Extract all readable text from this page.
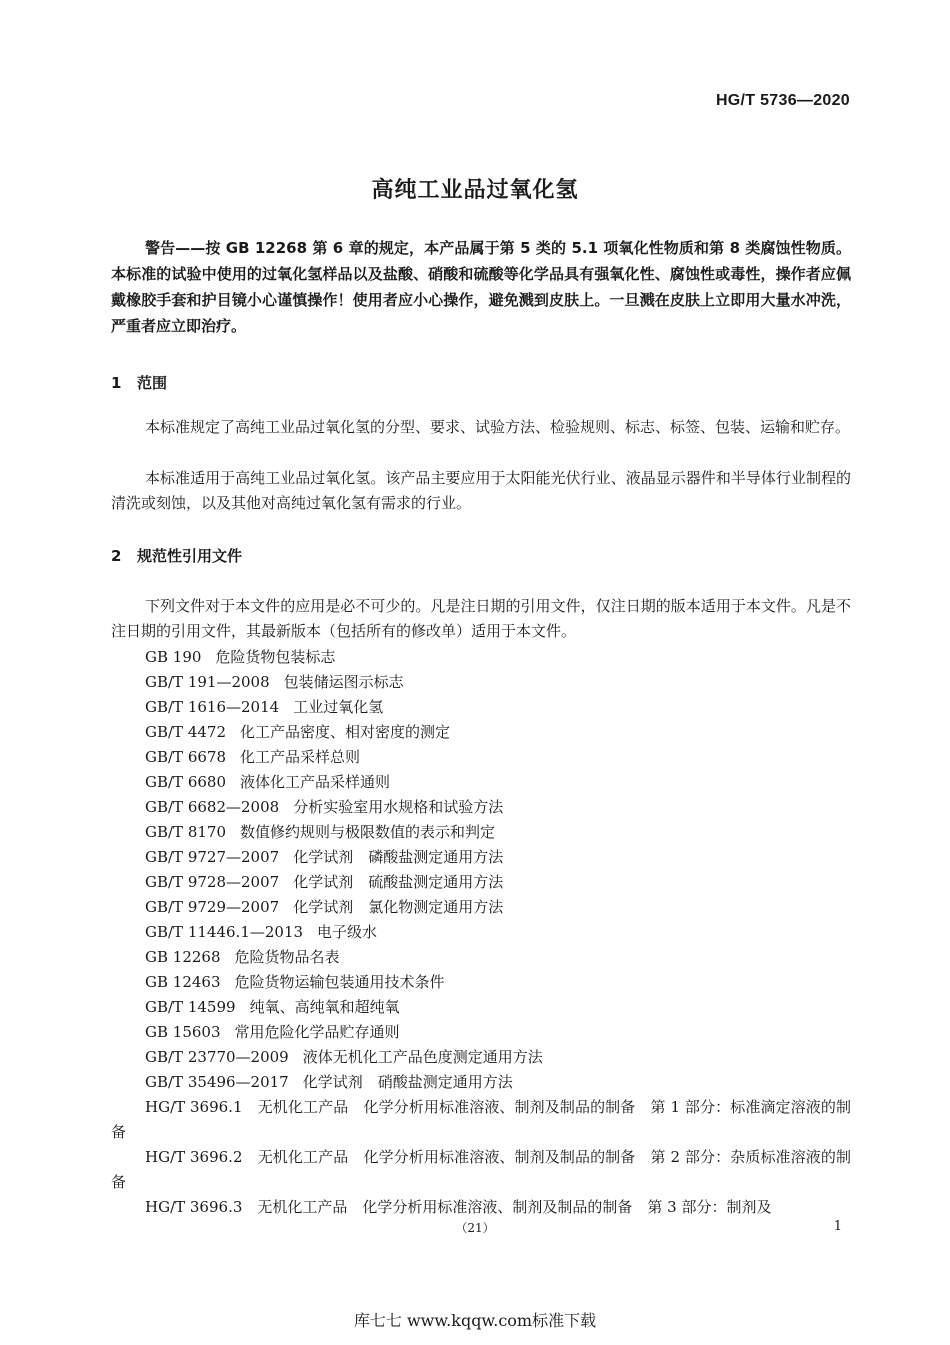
HG/T 5736—2020
高纯工业品过氧化氢
警告——按 GB 12268 第 6 章的规定，本产品属于第 5 类的 5.1 项氧化性物质和第 8 类腐蚀性物质。本标准的试验中使用的过氧化氢样品以及盐酸、硝酸和硫酸等化学品具有强氧化性、腐蚀性或毒性，操作者应佩戴橡胶手套和护目镜小心谨慎操作！使用者应小心操作，避免溅到皮肤上。一旦溅在皮肤上立即用大量水冲洗，严重者应立即治疗。
1 范围
本标准规定了高纯工业品过氧化氢的分型、要求、试验方法、检验规则、标志、标签、包装、运输和贮存。
本标准适用于高纯工业品过氧化氢。该产品主要应用于太阳能光伏行业、液晶显示器件和半导体行业制程的清洗或刻蚀，以及其他对高纯过氧化氢有需求的行业。
2 规范性引用文件
下列文件对于本文件的应用是必不可少的。凡是注日期的引用文件，仅注日期的版本适用于本文件。凡是不注日期的引用文件，其最新版本（包括所有的修改单）适用于本文件。
GB 190 危险货物包装标志
GB/T 191—2008 包装储运图示标志
GB/T 1616—2014 工业过氧化氢
GB/T 4472 化工产品密度、相对密度的测定
GB/T 6678 化工产品采样总则
GB/T 6680 液体化工产品采样通则
GB/T 6682—2008 分析实验室用水规格和试验方法
GB/T 8170 数值修约规则与极限数值的表示和判定
GB/T 9727—2007 化学试剂　磷酸盐测定通用方法
GB/T 9728—2007 化学试剂　硫酸盐测定通用方法
GB/T 9729—2007 化学试剂　氯化物测定通用方法
GB/T 11446.1—2013 电子级水
GB 12268 危险货物品名表
GB 12463 危险货物运输包装通用技术条件
GB/T 14599 纯氧、高纯氧和超纯氧
GB 15603 常用危险化学品贮存通则
GB/T 23770—2009 液体无机化工产品色度测定通用方法
GB/T 35496—2017 化学试剂　硝酸盐测定通用方法
HG/T 3696.1　无机化工产品　化学分析用标准溶液、制剂及制品的制备　第 1 部分：标准滴定溶液的制备
HG/T 3696.2　无机化工产品　化学分析用标准溶液、制剂及制品的制备　第 2 部分：杂质标准溶液的制备
HG/T 3696.3　无机化工产品　化学分析用标准溶液、制剂及制品的制备　第 3 部分：制剂及
（21）	1
库七七 www.kqqw.com标准下载
